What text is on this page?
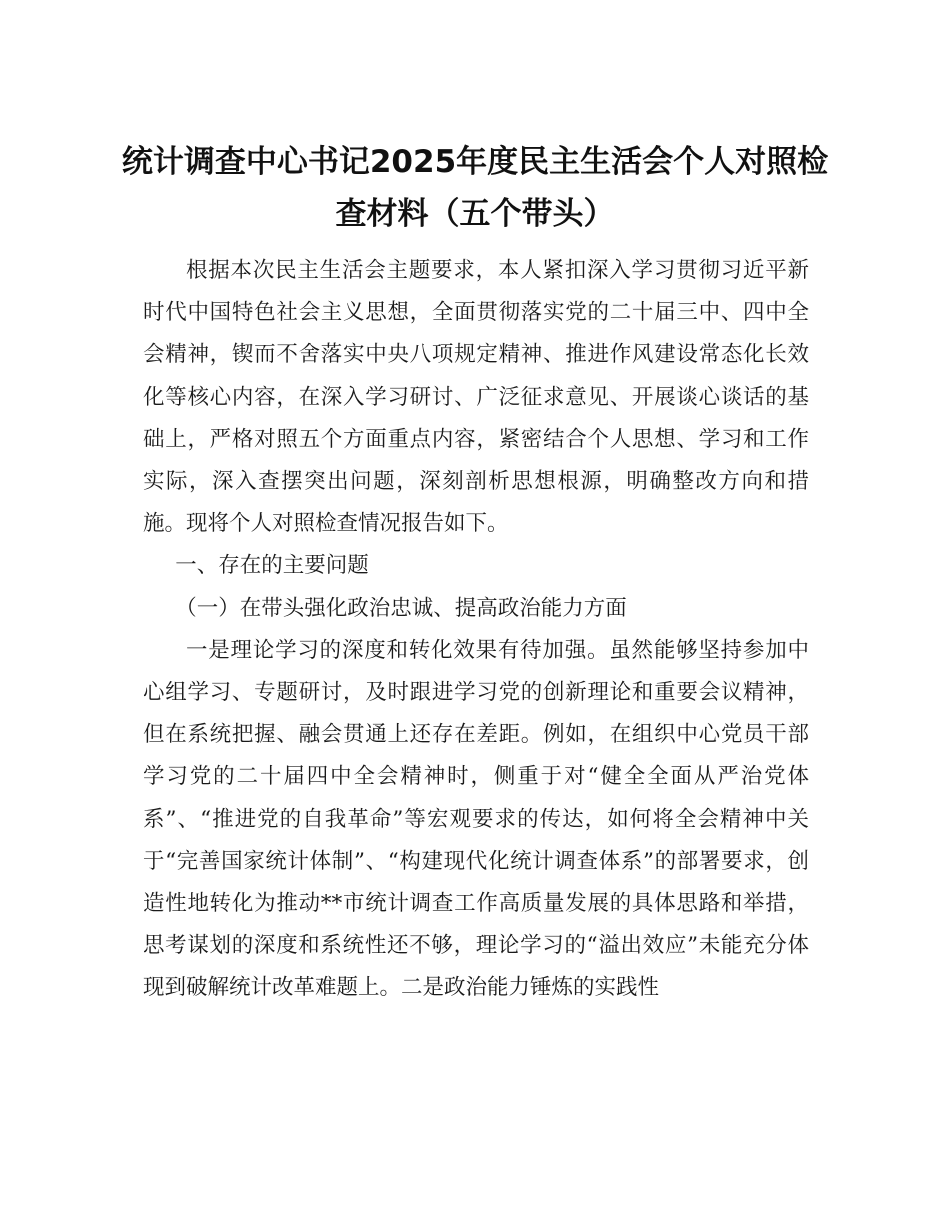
统计调查中心书记2025年度民主生活会个人对照检查材料（五个带头）

根据本次民主生活会主题要求，本人紧扣深入学习贯彻习近平新时代中国特色社会主义思想，全面贯彻落实党的二十届三中、四中全会精神，锲而不舍落实中央八项规定精神、推进作风建设常态化长效化等核心内容，在深入学习研讨、广泛征求意见、开展谈心谈话的基础上，严格对照五个方面重点内容，紧密结合个人思想、学习和工作实际，深入查摆突出问题，深刻剖析思想根源，明确整改方向和措施。现将个人对照检查情况报告如下。

一、存在的主要问题

（一）在带头强化政治忠诚、提高政治能力方面

一是理论学习的深度和转化效果有待加强。虽然能够坚持参加中心组学习、专题研讨，及时跟进学习党的创新理论和重要会议精神，但在系统把握、融会贯通上还存在差距。例如，在组织中心党员干部学习党的二十届四中全会精神时，侧重于对“健全全面从严治党体系”、“推进党的自我革命”等宏观要求的传达，如何将全会精神中关于“完善国家统计体制”、“构建现代化统计调查体系”的部署要求，创造性地转化为推动**市统计调查工作高质量发展的具体思路和举措，思考谋划的深度和系统性还不够，理论学习的“溢出效应”未能充分体现到破解统计改革难题上。二是政治能力锤炼的实践性
